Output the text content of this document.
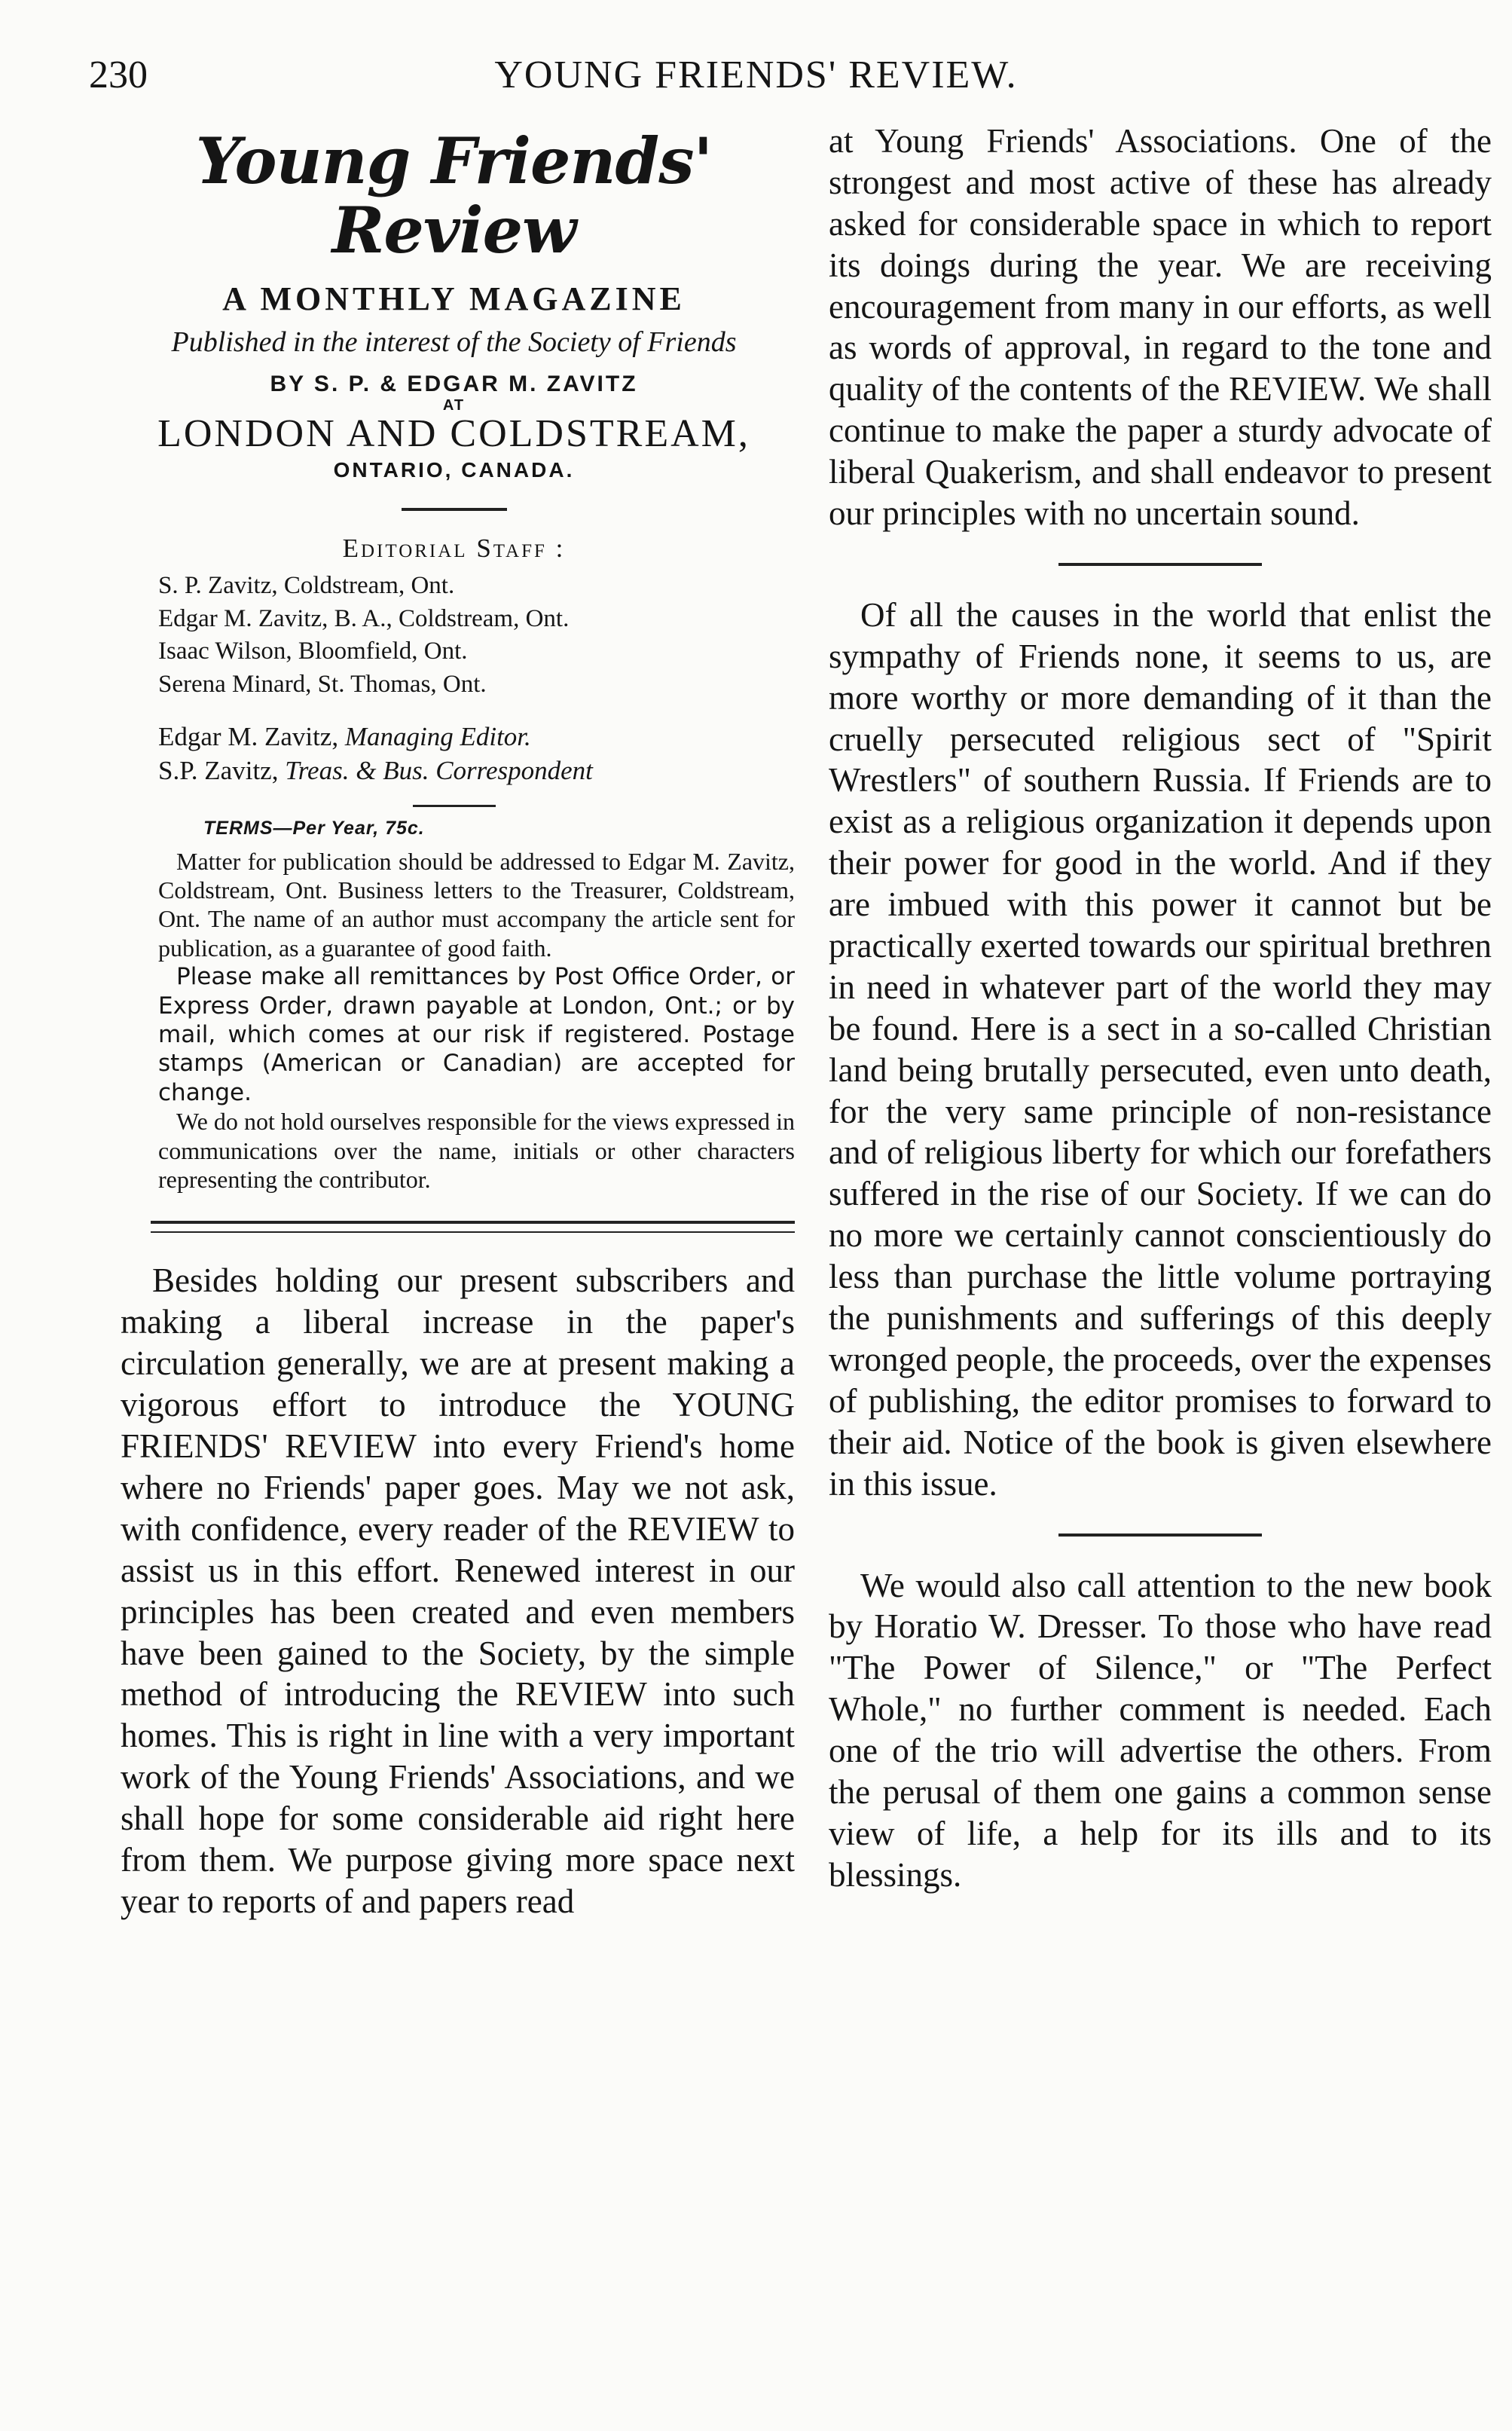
230	YOUNG FRIENDS' REVIEW.
Young Friends' Review
A MONTHLY MAGAZINE
Published in the interest of the Society of Friends
BY S. P. & EDGAR M. ZAVITZ
AT
LONDON AND COLDSTREAM,
ONTARIO, CANADA.
Editorial Staff :
S. P. Zavitz, Coldstream, Ont.
Edgar M. Zavitz, B. A., Coldstream, Ont.
Isaac Wilson, Bloomfield, Ont.
Serena Minard, St. Thomas, Ont.
Edgar M. Zavitz, Managing Editor.
S.P. Zavitz, Treas. & Bus. Correspondent
TERMS—Per Year, 75c.

Matter for publication should be addressed to Edgar M. Zavitz, Coldstream, Ont. Business letters to the Treasurer, Coldstream, Ont. The name of an author must accompany the article sent for publication, as a guarantee of good faith.

Please make all remittances by Post Office Order, or Express Order, drawn payable at London, Ont.; or by mail, which comes at our risk if registered. Postage stamps (American or Canadian) are accepted for change.

We do not hold ourselves responsible for the views expressed in communications over the name, initials or other characters representing the contributor.

Besides holding our present subscribers and making a liberal increase in the paper's circulation generally, we are at present making a vigorous effort to introduce the YOUNG FRIENDS' REVIEW into every Friend's home where no Friends' paper goes. May we not ask, with confidence, every reader of the REVIEW to assist us in this effort. Renewed interest in our principles has been created and even members have been gained to the Society, by the simple method of introducing the REVIEW into such homes. This is right in line with a very important work of the Young Friends' Associations, and we shall hope for some considerable aid right here from them. We purpose giving more space next year to reports of and papers read

at Young Friends' Associations. One of the strongest and most active of these has already asked for considerable space in which to report its doings during the year. We are receiving encouragement from many in our efforts, as well as words of approval, in regard to the tone and quality of the contents of the REVIEW. We shall continue to make the paper a sturdy advocate of liberal Quakerism, and shall endeavor to present our principles with no uncertain sound.

Of all the causes in the world that enlist the sympathy of Friends none, it seems to us, are more worthy or more demanding of it than the cruelly persecuted religious sect of "Spirit Wrestlers" of southern Russia. If Friends are to exist as a religious organization it depends upon their power for good in the world. And if they are imbued with this power it cannot but be practically exerted towards our spiritual brethren in need in whatever part of the world they may be found. Here is a sect in a so-called Christian land being brutally persecuted, even unto death, for the very same principle of non-resistance and of religious liberty for which our forefathers suffered in the rise of our Society. If we can do no more we certainly cannot conscientiously do less than purchase the little volume portraying the punishments and sufferings of this deeply wronged people, the proceeds, over the expenses of publishing, the editor promises to forward to their aid. Notice of the book is given elsewhere in this issue.

We would also call attention to the new book by Horatio W. Dresser. To those who have read "The Power of Silence," or "The Perfect Whole," no further comment is needed. Each one of the trio will advertise the others. From the perusal of them one gains a common sense view of life, a help for its ills and to its blessings.
